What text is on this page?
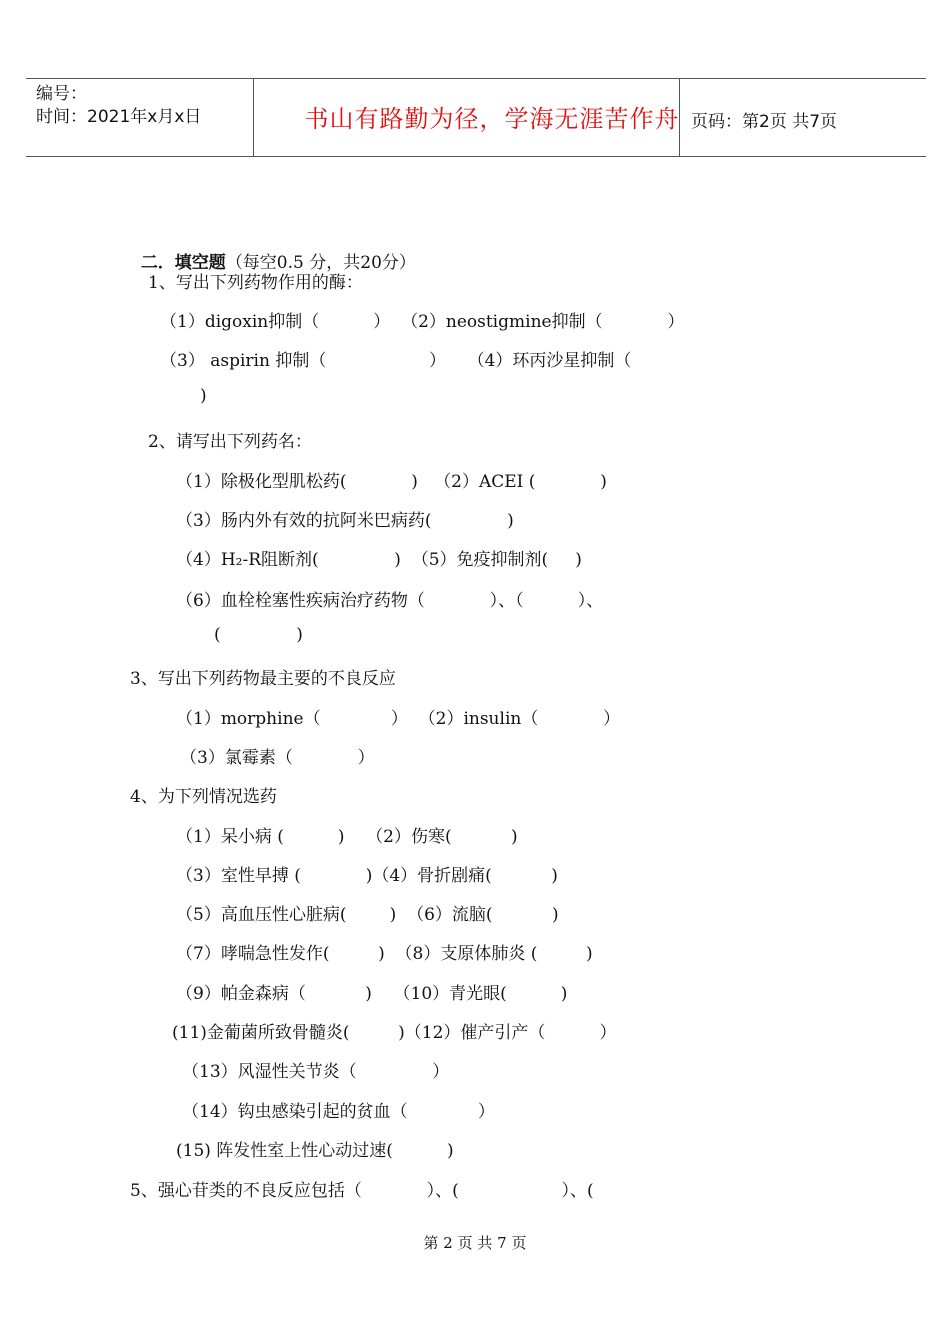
编号：
时间：2021年x月x日	书山有路勤为径，学海无涯苦作舟 页码：第2页 共7页

二．填空题（每空0.5 分，共20分）

1、写出下列药物作用的酶：
（1）digoxin抑制（          ）  （2）neostigmine抑制（            ）
（3） aspirin 抑制（                   ）    （4）环丙沙星抑制（
)
2、请写出下列药名：
（1）除极化型肌松药(            )   （2）ACEI (            )
（3）肠内外有效的抗阿米巴病药(              )
（4）H₂-R阻断剂(              )  （5）免疫抑制剂(     )
（6）血栓栓塞性疾病治疗药物（            ）、（          ）、
(              )
3、写出下列药物最主要的不良反应
（1）morphine（             ）  （2）insulin（            ）
（3）氯霉素（            ）
4、为下列情况选药
（1）呆小病 (          )    （2）伤寒(           )
（3）室性早搏 (            )（4）骨折剧痛(           )
（5）高血压性心脏病(        )  （6）流脑(           )
（7）哮喘急性发作(         )  （8）支原体肺炎 (         )
（9）帕金森病（           )    （10）青光眼(          )
(11)金葡菌所致骨髓炎(         )（12）催产引产（          ）
（13）风湿性关节炎（              ）
（14）钩虫感染引起的贫血（             ）
(15) 阵发性室上性心动过速(          )
5、强心苷类的不良反应包括（            ）、(                   ）、(
第 2 页 共 7 页
